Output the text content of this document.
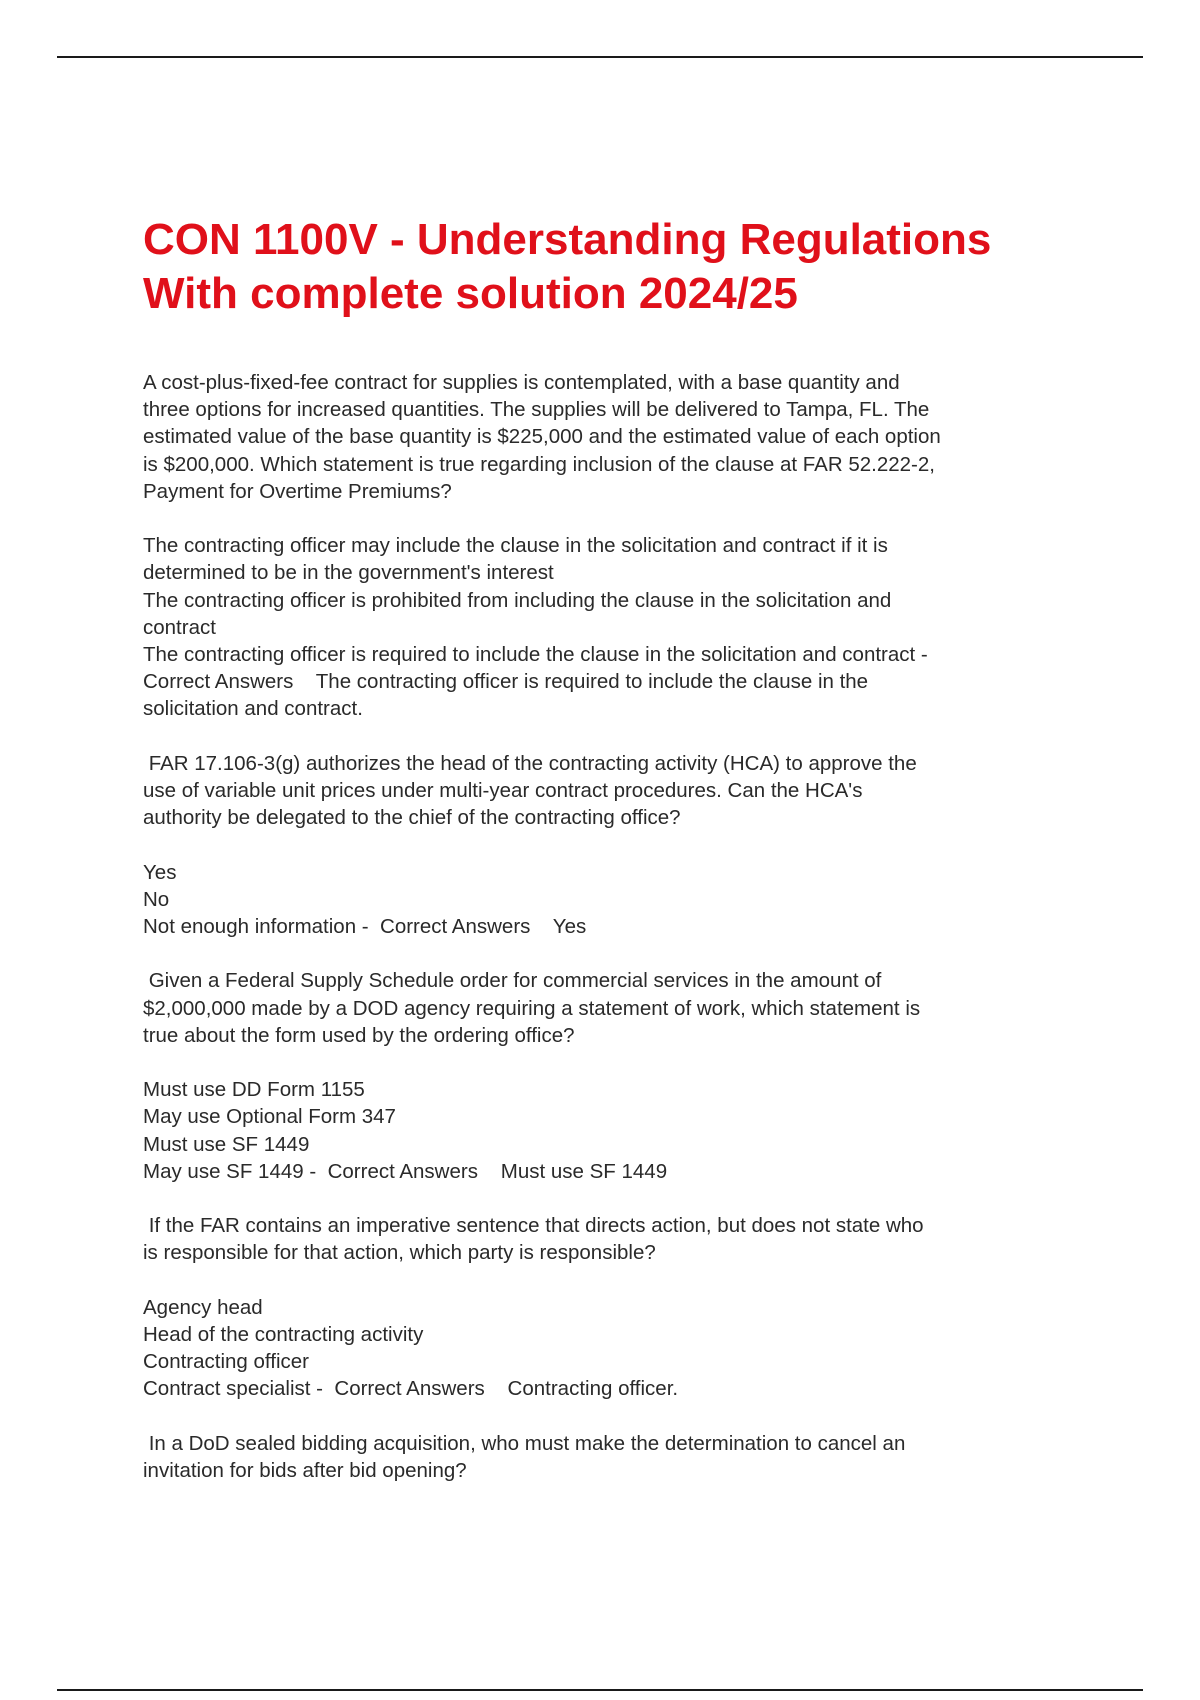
CON 1100V - Understanding Regulations
With complete solution 2024/25

A cost-plus-fixed-fee contract for supplies is contemplated, with a base quantity and
three options for increased quantities. The supplies will be delivered to Tampa, FL. The
estimated value of the base quantity is $225,000 and the estimated value of each option
is $200,000. Which statement is true regarding inclusion of the clause at FAR 52.222-2,
Payment for Overtime Premiums?

The contracting officer may include the clause in the solicitation and contract if it is
determined to be in the government's interest
The contracting officer is prohibited from including the clause in the solicitation and
contract
The contracting officer is required to include the clause in the solicitation and contract -
Correct Answers    The contracting officer is required to include the clause in the
solicitation and contract.

FAR 17.106-3(g) authorizes the head of the contracting activity (HCA) to approve the
use of variable unit prices under multi-year contract procedures. Can the HCA's
authority be delegated to the chief of the contracting office?

Yes
No
Not enough information -  Correct Answers    Yes

Given a Federal Supply Schedule order for commercial services in the amount of
$2,000,000 made by a DOD agency requiring a statement of work, which statement is
true about the form used by the ordering office?

Must use DD Form 1155
May use Optional Form 347
Must use SF 1449
May use SF 1449 -  Correct Answers    Must use SF 1449

If the FAR contains an imperative sentence that directs action, but does not state who
is responsible for that action, which party is responsible?

Agency head
Head of the contracting activity
Contracting officer
Contract specialist -  Correct Answers    Contracting officer.

In a DoD sealed bidding acquisition, who must make the determination to cancel an
invitation for bids after bid opening?
